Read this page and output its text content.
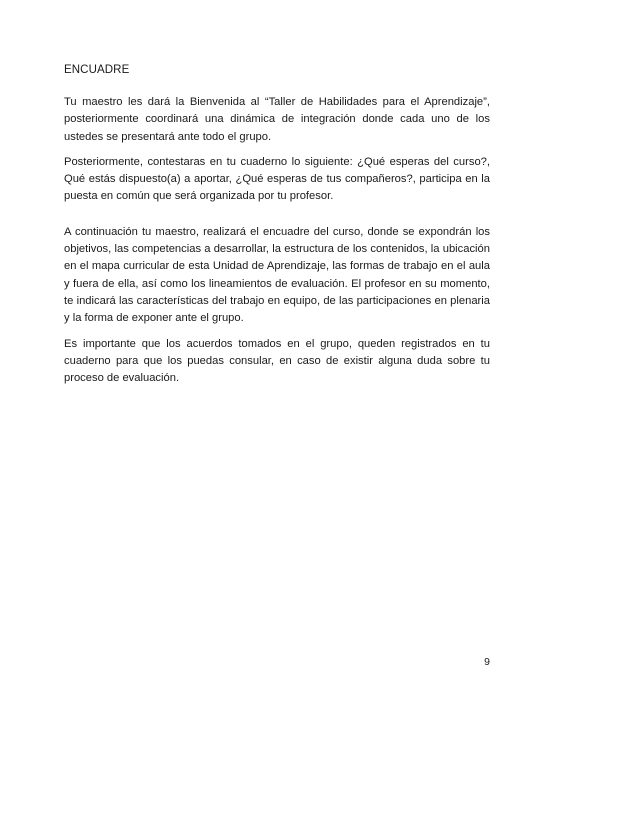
ENCUADRE

Tu maestro les dará la Bienvenida al “Taller de Habilidades para el Aprendizaje”, posteriormente coordinará una dinámica de integración donde cada uno de los ustedes se presentará ante todo el grupo.

Posteriormente, contestaras en tu cuaderno lo siguiente: ¿Qué esperas del curso?, Qué estás dispuesto(a) a aportar, ¿Qué esperas de tus compañeros?, participa en la puesta en común que será organizada por tu profesor.

A continuación tu maestro, realizará el encuadre del curso, donde se expondrán los objetivos, las competencias a desarrollar, la estructura de los contenidos, la ubicación en el mapa curricular de esta Unidad de Aprendizaje, las formas de trabajo en el aula y fuera de ella, así como los lineamientos de evaluación. El profesor en su momento, te indicará las características del trabajo en equipo, de las participaciones en plenaria y la forma de exponer ante el grupo.

Es importante que los acuerdos tomados en el grupo, queden registrados en tu cuaderno para que los puedas consular, en caso de existir alguna duda sobre tu proceso de evaluación.

9
